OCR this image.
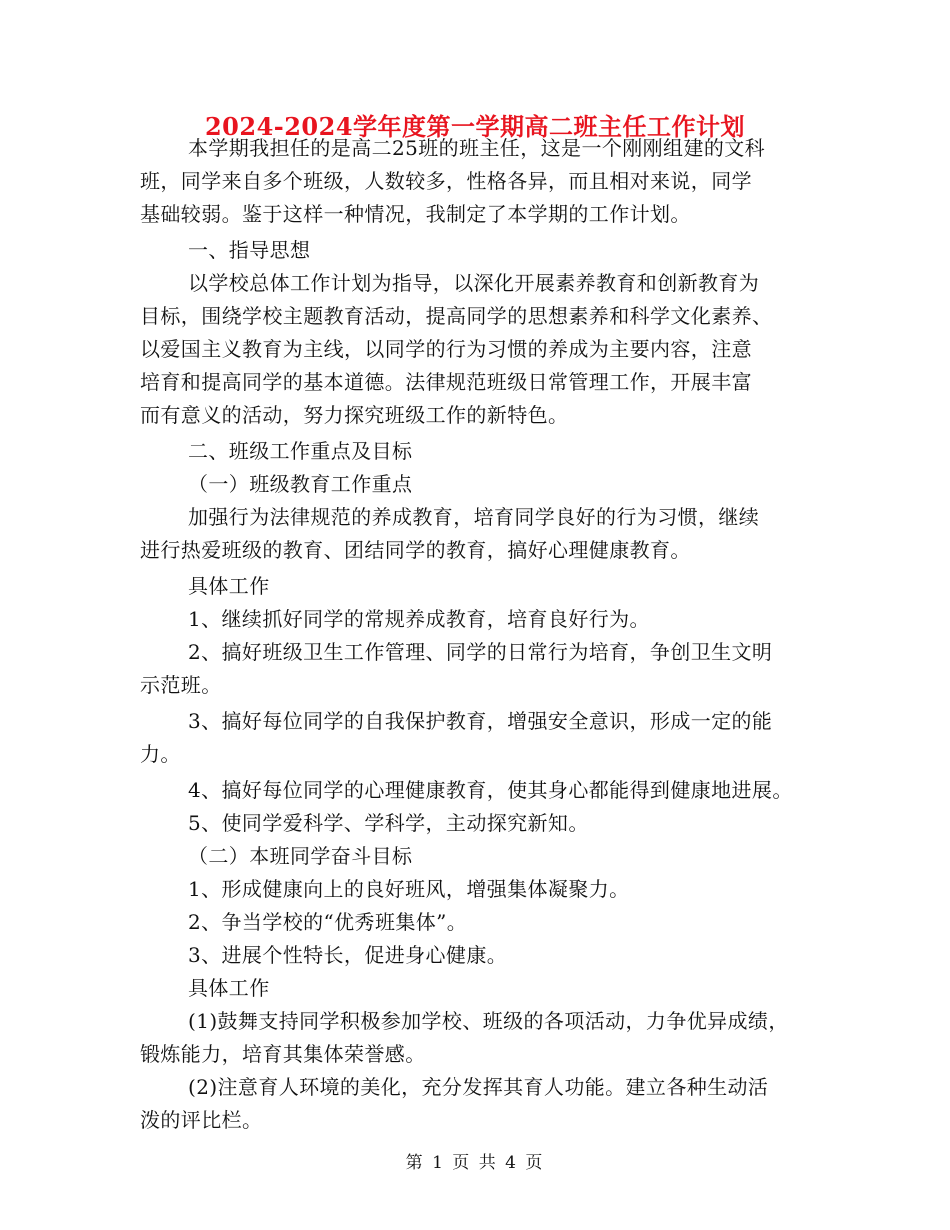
2024-2024学年度第一学期高二班主任工作计划
本学期我担任的是高二25班的班主任，这是一个刚刚组建的文科
班，同学来自多个班级，人数较多，性格各异，而且相对来说，同学
基础较弱。鉴于这样一种情况，我制定了本学期的工作计划。
一、指导思想
以学校总体工作计划为指导，以深化开展素养教育和创新教育为
目标，围绕学校主题教育活动，提高同学的思想素养和科学文化素养、
以爱国主义教育为主线，以同学的行为习惯的养成为主要内容，注意
培育和提高同学的基本道德。法律规范班级日常管理工作，开展丰富
而有意义的活动，努力探究班级工作的新特色。
二、班级工作重点及目标
（一）班级教育工作重点
加强行为法律规范的养成教育，培育同学良好的行为习惯，继续
进行热爱班级的教育、团结同学的教育，搞好心理健康教育。
具体工作
1、继续抓好同学的常规养成教育，培育良好行为。
2、搞好班级卫生工作管理、同学的日常行为培育，争创卫生文明
示范班。
3、搞好每位同学的自我保护教育，增强安全意识，形成一定的能
力。
4、搞好每位同学的心理健康教育，使其身心都能得到健康地进展。
5、使同学爱科学、学科学，主动探究新知。
（二）本班同学奋斗目标
1、形成健康向上的良好班风，增强集体凝聚力。
2、争当学校的“优秀班集体”。
3、进展个性特长，促进身心健康。
具体工作
(1)鼓舞支持同学积极参加学校、班级的各项活动，力争优异成绩，
锻炼能力，培育其集体荣誉感。
(2)注意育人环境的美化，充分发挥其育人功能。建立各种生动活
泼的评比栏。
第 1 页 共 4 页
